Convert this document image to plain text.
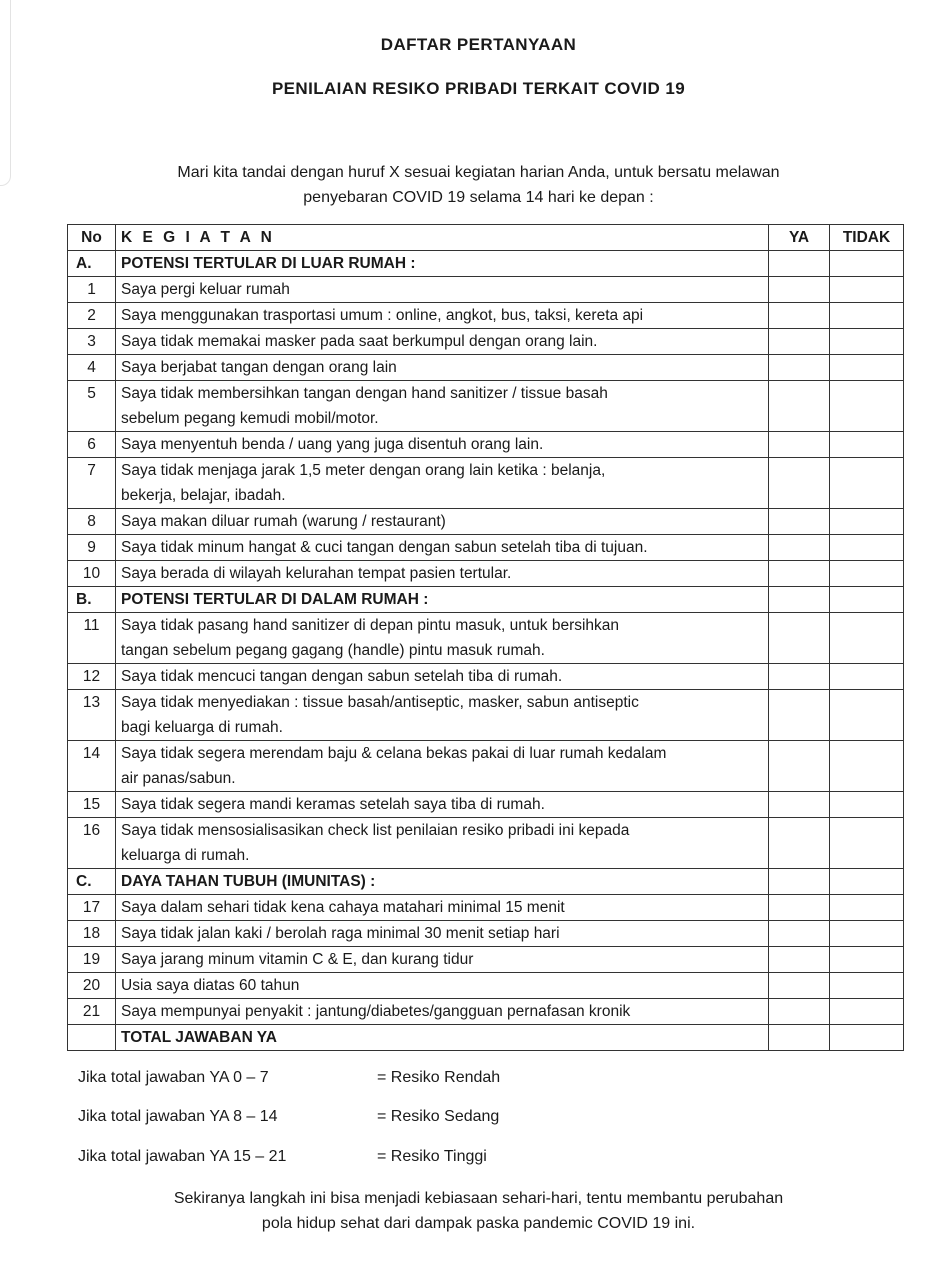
DAFTAR PERTANYAAN
PENILAIAN RESIKO PRIBADI TERKAIT COVID 19
Mari kita tandai dengan huruf X sesuai kegiatan harian Anda, untuk bersatu melawan
penyebaran COVID 19 selama 14 hari ke depan :
No	K E G I A T A N	YA	TIDAK
A.	POTENSI TERTULAR DI LUAR RUMAH :		
1	Saya pergi keluar rumah		
2	Saya menggunakan trasportasi umum : online, angkot, bus, taksi, kereta api		
3	Saya tidak memakai masker pada saat berkumpul dengan orang lain.		
4	Saya berjabat tangan dengan orang lain		
5	Saya tidak membersihkan tangan dengan hand sanitizer / tissue basah
sebelum pegang kemudi mobil/motor.		

6	Saya menyentuh benda / uang yang juga disentuh orang lain.		
7	Saya tidak menjaga jarak 1,5 meter dengan orang lain ketika : belanja,
bekerja, belajar, ibadah.		

8	Saya makan diluar rumah (warung / restaurant)		
9	Saya tidak minum hangat & cuci tangan dengan sabun setelah tiba di tujuan.		
10	Saya berada di wilayah kelurahan tempat pasien tertular.		
B.	POTENSI TERTULAR DI DALAM RUMAH :		
11	Saya tidak pasang hand sanitizer di depan pintu masuk, untuk bersihkan
tangan sebelum pegang gagang (handle) pintu masuk rumah.		

12	Saya tidak mencuci tangan dengan sabun setelah tiba di rumah.		
13	Saya tidak menyediakan : tissue basah/antiseptic, masker, sabun antiseptic
bagi keluarga di rumah.		

14	Saya tidak segera merendam baju & celana bekas pakai di luar rumah kedalam
air panas/sabun.		

15	Saya tidak segera mandi keramas setelah saya tiba di rumah.		
16	Saya tidak mensosialisasikan check list penilaian resiko pribadi ini kepada
keluarga di rumah.		

C.	DAYA TAHAN TUBUH (IMUNITAS) :		
17	Saya dalam sehari tidak kena cahaya matahari minimal 15 menit		
18	Saya tidak jalan kaki / berolah raga minimal 30 menit setiap hari		
19	Saya jarang minum vitamin C & E, dan kurang tidur		
20	Usia saya diatas 60 tahun		
21	Saya mempunyai penyakit : jantung/diabetes/gangguan pernafasan kronik		
	TOTAL JAWABAN YA		
Jika total jawaban YA 0 – 7	= Resiko Rendah
Jika total jawaban YA 8 – 14	= Resiko Sedang
Jika total jawaban YA 15 – 21	= Resiko Tinggi
Sekiranya langkah ini bisa menjadi kebiasaan sehari-hari, tentu membantu perubahan
pola hidup sehat dari dampak paska pandemic COVID 19 ini.
